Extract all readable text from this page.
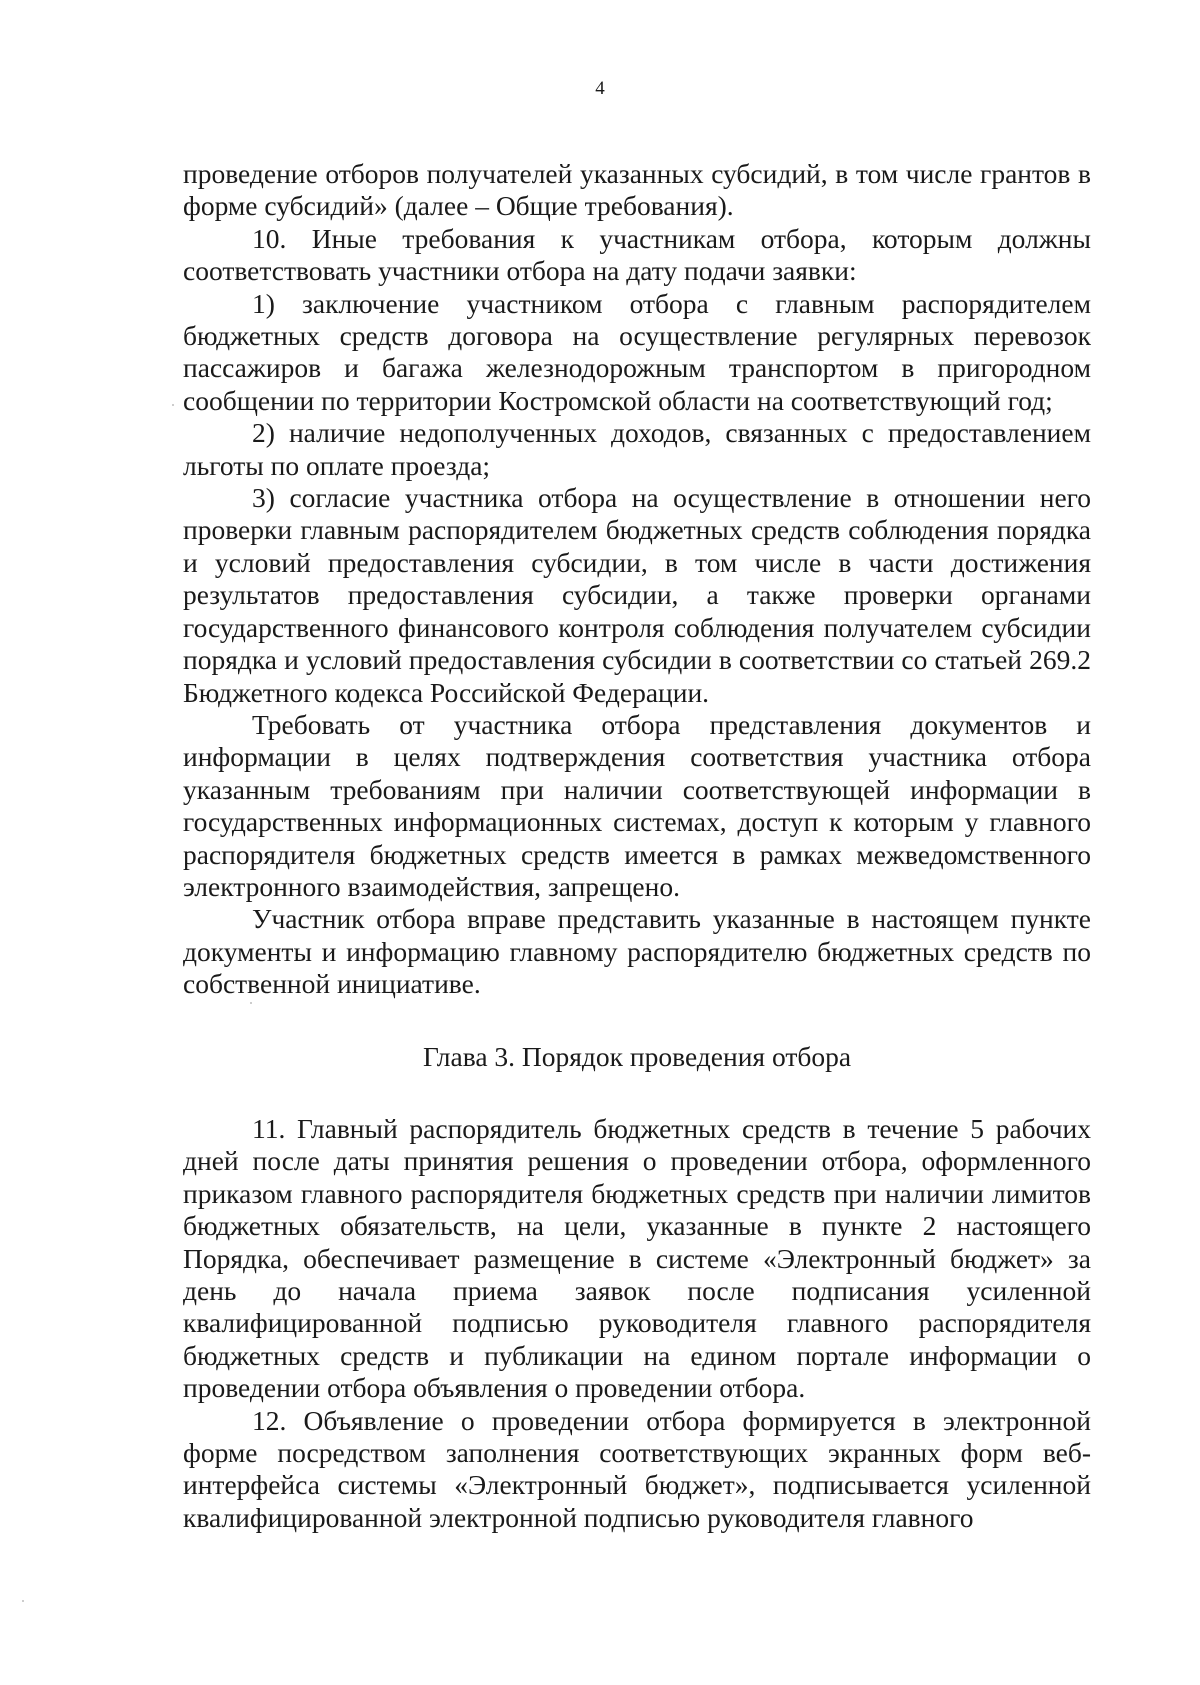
4

проведение отборов получателей указанных субсидий, в том числе грантов в форме субсидий» (далее – Общие требования).

10. Иные требования к участникам отбора, которым должны соответствовать участники отбора на дату подачи заявки:

1) заключение участником отбора с главным распорядителем бюджетных средств договора на осуществление регулярных перевозок пассажиров и багажа железнодорожным транспортом в пригородном сообщении по территории Костромской области на соответствующий год;

2) наличие недополученных доходов, связанных с предоставлением льготы по оплате проезда;

3) согласие участника отбора на осуществление в отношении него проверки главным распорядителем бюджетных средств соблюдения порядка и условий предоставления субсидии, в том числе в части достижения результатов предоставления субсидии, а также проверки органами государственного финансового контроля соблюдения получателем субсидии порядка и условий предоставления субсидии в соответствии со статьей 269.2 Бюджетного кодекса Российской Федерации.

Требовать от участника отбора представления документов и информации в целях подтверждения соответствия участника отбора указанным требованиям при наличии соответствующей информации в государственных информационных системах, доступ к которым у главного распорядителя бюджетных средств имеется в рамках межведомственного электронного взаимодействия, запрещено.

Участник отбора вправе представить указанные в настоящем пункте документы и информацию главному распорядителю бюджетных средств по собственной инициативе.

Глава 3. Порядок проведения отбора

11. Главный распорядитель бюджетных средств в течение 5 рабочих дней после даты принятия решения о проведении отбора, оформленного приказом главного распорядителя бюджетных средств при наличии лимитов бюджетных обязательств, на цели, указанные в пункте 2 настоящего Порядка, обеспечивает размещение в системе «Электронный бюджет» за день до начала приема заявок после подписания усиленной квалифицированной подписью руководителя главного распорядителя бюджетных средств и публикации на едином портале информации о проведении отбора объявления о проведении отбора.

12. Объявление о проведении отбора формируется в электронной форме посредством заполнения соответствующих экранных форм веб-интерфейса системы «Электронный бюджет», подписывается усиленной квалифицированной электронной подписью руководителя главного
